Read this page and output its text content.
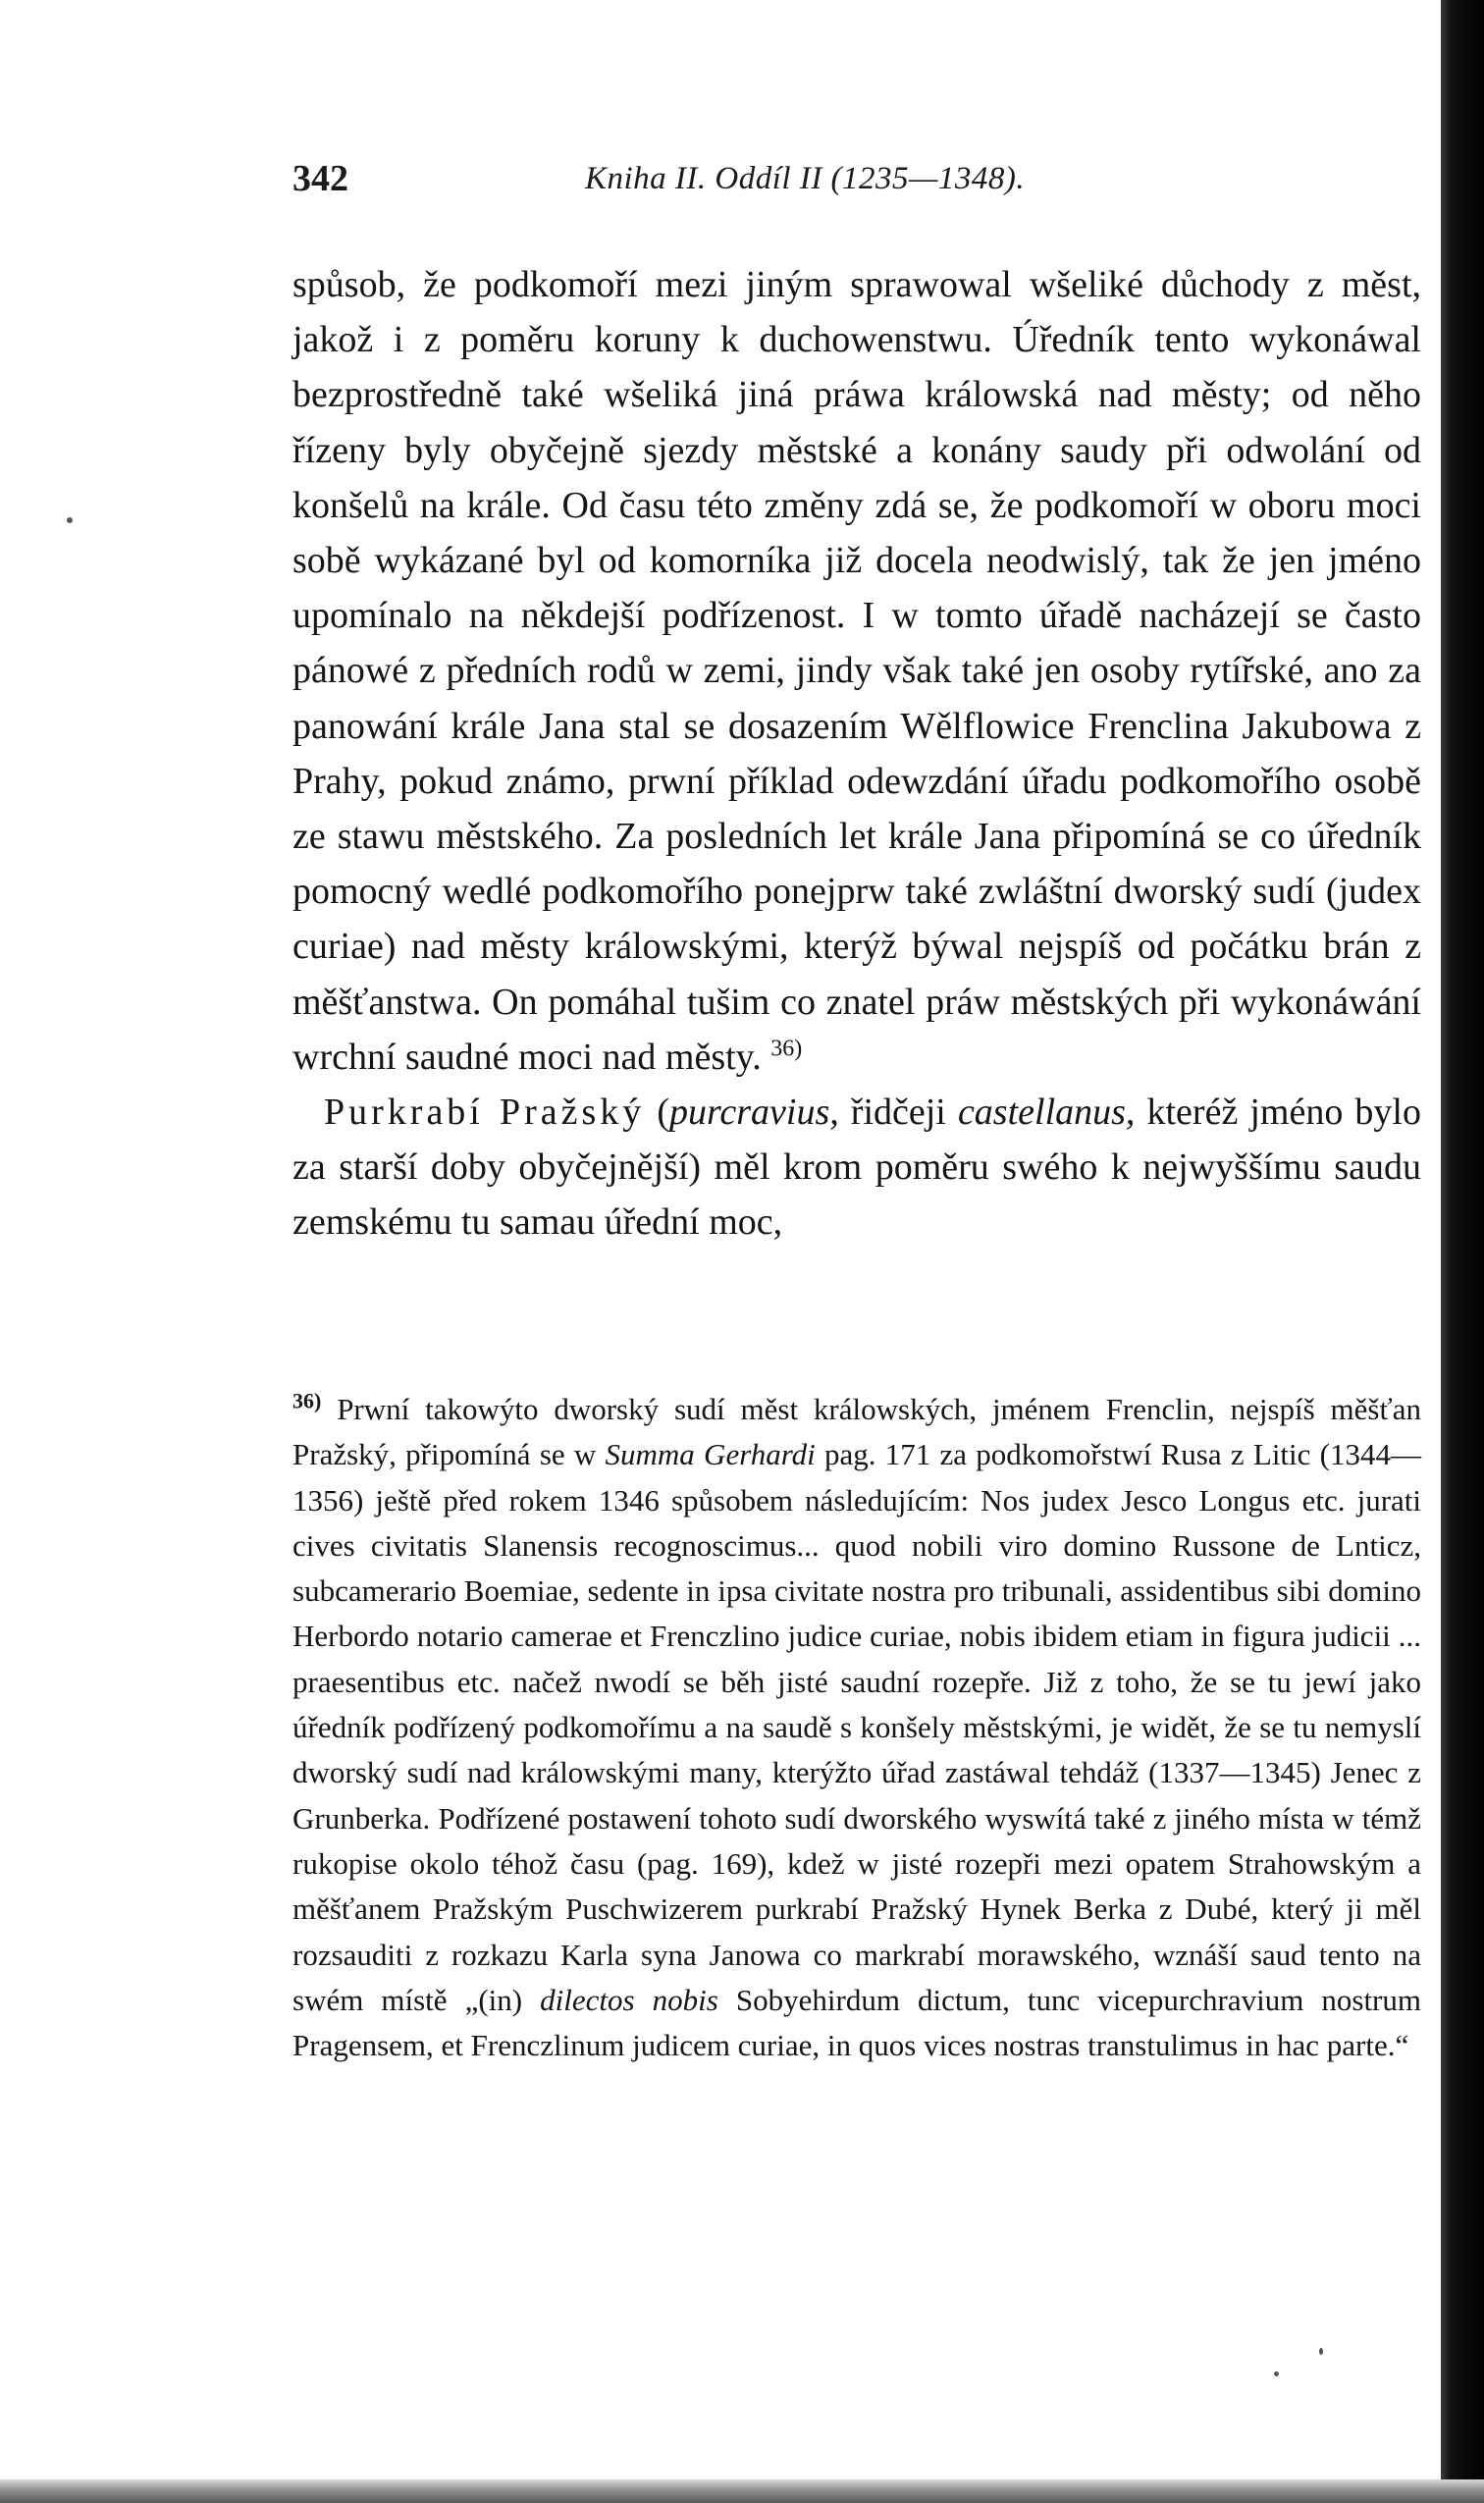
342	Kniha II. Oddíl II (1235—1348).

spůsob, že podkomoří mezi jiným sprawowal wšeliké důchody z měst, jakož i z poměru koruny k duchowenstwu. Úředník tento wykonáwal bezprostředně také wšeliká jiná práwa králowská nad městy; od něho řízeny byly obyčejně sjezdy městské a konány saudy při odwolání od konšelů na krále. Od času této změny zdá se, že podkomoří w oboru moci sobě wykázané byl od komorníka již docela neodwislý, tak že jen jméno upomínalo na někdejší podřízenost. I w tomto úřadě nacházejí se často pánowé z předních rodů w zemi, jindy však také jen osoby rytířské, ano za panowání krále Jana stal se dosazením Wělflowice Frenclina Jakubowa z Prahy, pokud známo, prwní příklad odewzdání úřadu podkomořího osobě ze stawu městského. Za posledních let krále Jana připomíná se co úředník pomocný wedlé podkomořího ponejprw také zwláštní dworský sudí (judex curiae) nad městy králowskými, kterýž býwal nejspíš od počátku brán z měšťanstwa. On pomáhal tušim co znatel práw městských při wykonáwání wrchní saudné moci nad městy. $^{36)}$

Purkrabí Pražský (purcravius, řidčeji castellanus, kteréž jméno bylo za starší doby obyčejnější) měl krom poměru swého k nejwyššímu saudu zemskému tu samau úřední moc,

$^{36)}$ Prwní takowýto dworský sudí měst králowských, jménem Frenclin, nejspíš měšťan Pražský, připomíná se w Summa Gerhardi pag. 171 za podkomořstwí Rusa z Litic (1344—1356) ještě před rokem 1346 spůsobem následujícím: Nos judex Jesco Longus etc. jurati cives civitatis Slanensis recognoscimus... quod nobili viro domino Russone de Lnticz, subcamerario Boemiae, sedente in ipsa civitate nostra pro tribunali, assidentibus sibi domino Herbordo notario camerae et Frenczlino judice curiae, nobis ibidem etiam in figura judicii ... praesentibus etc. načež nwodí se běh jisté saudní rozepře. Již z toho, že se tu jewí jako úředník podřízený podkomořímu a na saudě s konšely městskými, je widět, že se tu nemyslí dworský sudí nad králowskými many, kterýžto úřad zastáwal tehdáž (1337—1345) Jenec z Grunberka. Podřízené postawení tohoto sudí dworského wyswítá také z jiného místa w témž rukopise okolo téhož času (pag. 169), kdež w jisté rozepři mezi opatem Strahowským a měšťanem Pražským Puschwizerem purkrabí Pražský Hynek Berka z Dubé, který ji měl rozsauditi z rozkazu Karla syna Janowa co markrabí morawského, wznáší saud tento na swém místě „(in) dilectos nobis Sobyehirdum dictum, tunc vicepurchravium nostrum Pragensem, et Frenczlinum judicem curiae, in quos vices nostras transtulimus in hac parte.“
